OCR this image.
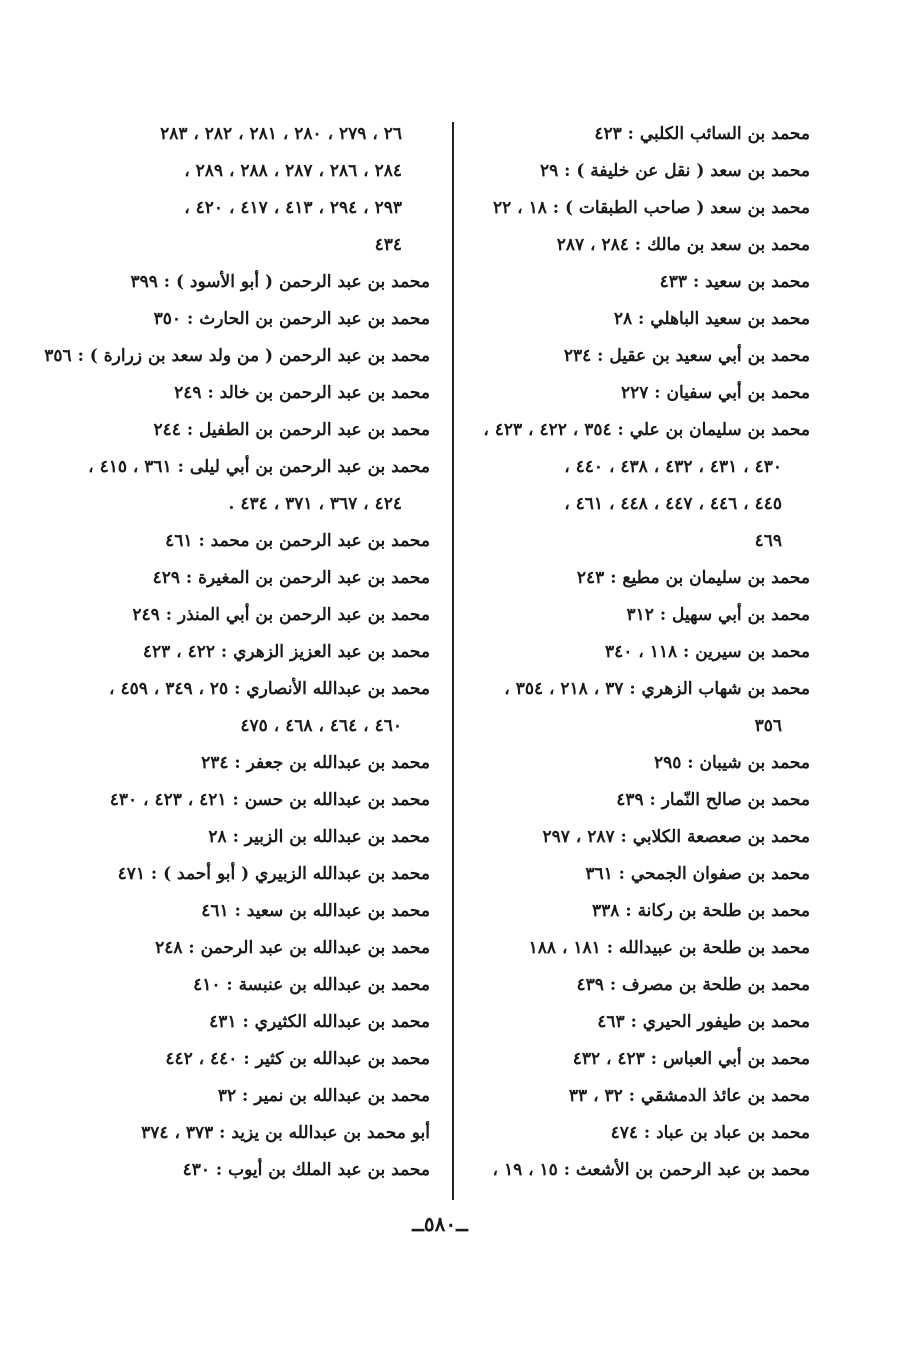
محمد بن السائب الكلبي : ٤٢٣
محمد بن سعد ( نقل عن خليفة ) : ٢٩
محمد بن سعد ( صاحب الطبقات ) : ١٨ ، ٢٢
محمد بن سعد بن مالك : ٢٨٤ ، ٢٨٧
محمد بن سعيد : ٤٣٣
محمد بن سعيد الباهلي : ٢٨
محمد بن أبي سعيد بن عقيل : ٢٣٤
محمد بن أبي سفيان : ٢٢٧
محمد بن سليمان بن علي : ٣٥٤ ، ٤٢٢ ، ٤٢٣ ،
٤٣٠ ، ٤٣١ ، ٤٣٢ ، ٤٣٨ ، ٤٤٠ ،
٤٤٥ ، ٤٤٦ ، ٤٤٧ ، ٤٤٨ ، ٤٦١ ،
٤٦٩
محمد بن سليمان بن مطيع : ٢٤٣
محمد بن أبي سهيل : ٣١٢
محمد بن سيرين : ١١٨ ، ٣٤٠
محمد بن شهاب الزهري : ٣٧ ، ٢١٨ ، ٣٥٤ ،
٣٥٦
محمد بن شيبان : ٢٩٥
محمد بن صالح النّمار : ٤٣٩
محمد بن صعصعة الكلابي : ٢٨٧ ، ٢٩٧
محمد بن صفوان الجمحي : ٣٦١
محمد بن طلحة بن ركانة : ٣٣٨
محمد بن طلحة بن عبيدالله : ١٨١ ، ١٨٨
محمد بن طلحة بن مصرف : ٤٣٩
محمد بن طيفور الحيري : ٤٦٣
محمد بن أبي العباس : ٤٢٣ ، ٤٣٢
محمد بن عائذ الدمشقي : ٣٢ ، ٣٣
محمد بن عباد بن عباد : ٤٧٤
محمد بن عبد الرحمن بن الأشعث : ١٥ ، ١٩ ،
٢٦ ، ٢٧٩ ، ٢٨٠ ، ٢٨١ ، ٢٨٢ ، ٢٨٣
٢٨٤ ، ٢٨٦ ، ٢٨٧ ، ٢٨٨ ، ٢٨٩ ،
٢٩٣ ، ٢٩٤ ، ٤١٣ ، ٤١٧ ، ٤٢٠ ،
٤٣٤
محمد بن عبد الرحمن ( أبو الأسود ) : ٣٩٩
محمد بن عبد الرحمن بن الحارث : ٣٥٠
محمد بن عبد الرحمن ( من ولد سعد بن زرارة ) : ٣٥٦
محمد بن عبد الرحمن بن خالد : ٢٤٩
محمد بن عبد الرحمن بن الطفيل : ٢٤٤
محمد بن عبد الرحمن بن أبي ليلى : ٣٦١ ، ٤١٥ ،
٤٢٤ ، ٣٦٧ ، ٣٧١ ، ٤٣٤ .
محمد بن عبد الرحمن بن محمد : ٤٦١
محمد بن عبد الرحمن بن المغيرة : ٤٢٩
محمد بن عبد الرحمن بن أبي المنذر : ٢٤٩
محمد بن عبد العزيز الزهري : ٤٢٢ ، ٤٢٣
محمد بن عبدالله الأنصاري : ٢٥ ، ٣٤٩ ، ٤٥٩ ،
٤٦٠ ، ٤٦٤ ، ٤٦٨ ، ٤٧٥
محمد بن عبدالله بن جعفر : ٢٣٤
محمد بن عبدالله بن حسن : ٤٢١ ، ٤٢٣ ، ٤٣٠
محمد بن عبدالله بن الزبير : ٢٨
محمد بن عبدالله الزبيري ( أبو أحمد ) : ٤٧١
محمد بن عبدالله بن سعيد : ٤٦١
محمد بن عبدالله بن عبد الرحمن : ٢٤٨
محمد بن عبدالله بن عنبسة : ٤١٠
محمد بن عبدالله الكثيري : ٤٣١
محمد بن عبدالله بن كثير : ٤٤٠ ، ٤٤٢
محمد بن عبدالله بن نمير : ٣٢
أبو محمد بن عبدالله بن يزيد : ٣٧٣ ، ٣٧٤
محمد بن عبد الملك بن أيوب : ٤٣٠
ــ٥٨٠ــ
